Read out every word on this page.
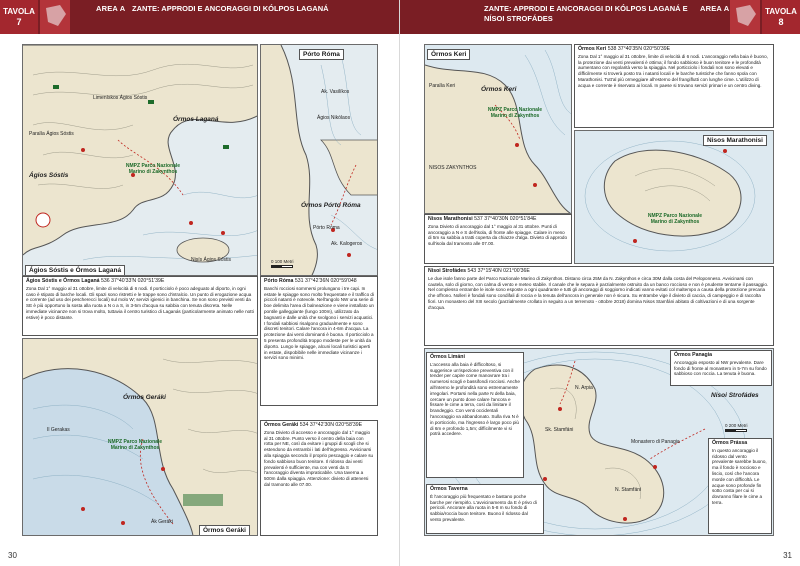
TAVOLA
7
AREA A ZANTE: APPRODI E ANCORAGGI DI KÓLPOS LAGANÁ
Limenískos Ágios Sóstis
Órmos Laganá
Paralía Ágios Sóstis
Ágios Sóstis
NMPZ Parco Nazionale Marino di Zakynthos
Nisís Ágios Sóstis
Ágios Sóstis e Órmos Laganá
Pórto Róma
Ak. Vasilíkos
Ágios Nikólaos
Órmos Pórto Róma
Pórto Róma
Ak. Kalogeros
0 100 Metri
Ágios Sóstis e Órmos Laganá 536 37°40'33'N 020°51'39E

Zona Dal 1° maggio al 31 ottobre, limite di velocità di 6 nodi. Il porticciolo è poco adeguato al diporto, in ogni caso è stipato di barche locali. Gli spazi sono ristretti e le trappe sono d'intralcio. Un punto di erogazione acqua e corrente (ad uso dei pescherecci locali) sul molo W; servizi igienici in banchina. Se non sono previsti venti da SE è più opportuno la sosta alla ruota a N o a S, in 3-5m d'acqua su sabbia con tenuta discreta. Nelle immediate vicinanze non si trova molto, tuttavia il centro turistico di Laganás (particolarmente animato nelle notti estive) è poco distante.

Pórto Róma 531 37°42'36N 020°59'048

Banchi rocciosi sommersi prolungano i tre capi. In estate le spiagge sono molto frequentate e il traffico di piccoli natanti è notevole. Nell'angolo NW una serie di boe delimita l'area di balneazione e viene installato un pontile galleggiante (lungo 100m), utilizzato da bagnanti e dalle unità che svolgono i servizi acquatici. I fondali sabbiosi risalgono gradualmente e sono discreti tenitori. Calare l'ancora in 4-6m d'acqua. La protezione dai venti dominanti è buona. Il porticciolo a 5 presenta profondità troppo modeste per le unità da diporto. Lungo le spiagge, alcuni locali turistici aperti in estate, dispobibile nelle immediate vicinanze i servizi sono minimi.

Órmos Geráki
Ák Geráki
Il Gerakas
NMPZ Parco Nazionale Marino di Zakynthos
Órmos Geráki
Órmos Geráki 534 37°42'30N 020°58'39E

Zona Divieto di accesso e ancoraggio dal 1° maggio al 31 ottobre. Punto verso il centro della baia con rotta per NE, così da evitare i gruppi di scogli che si estendono da entrambi i lati dell'ingresso. Avvicinarsi alla spiaggia secondo il proprio pescaggio e calare su fondo sabbioso buon tenitore. Il ridosso dai venti prevalenti è sufficiente, ma con venti da S l'ancoraggio diventa impraticabile. Una taverna a 500m dalla spiaggia. Attenzione: divieto di attenersi dal tramonto alle 07.00.

30
ZANTE: APPRODI E ANCORAGGI DI KÓLPOS LAGANÁ E NÍSOI STROFÁDES
AREA A	TAVOLA
8
Órmos Keri
Paralía Keri	Órmos Keri
NMPZ Parco Nazionale Marino di Zakynthos
NISOS ZAKYNTHOS
Órmos Keri 538 37°40'35N 020°50'39E

Zona Dal 1° maggio al 31 ottobre, limite di velocità di 6 nodi. L'ancoraggio nella baia è buono, la protezione dai venti prevalenti è ottima; il fondo sabbioso è buon tenitore e le profondità aumentano con regolarità verso la spiaggia. Nel porticciolo i fondali non sono elevati e difficilmente si troverà posto tra i natanti locali e le barche turistiche che fanno spola con Marathonisi. Tutt'al più ormeggiare all'esterno del frangiflutti con lunghe cime. L'utilizzo di acqua e corrente è riservato ai locali. In paese si trovano servizi primari e un centro diving.

Nisos Marathonisi
NMPZ Parco Nazionale Marino di Zakynthos
Nisos Marathonisi 537 37°40'30N 020°51'84E

Zona Divieto di ancoraggio dal 1° maggio al 31 ottobre. Punti di ancoraggio a N e S dell'isola, di fronte alle spiagge. Calare in meno di 5m su sabbia a tratti coperta da chiazze d'alga. Divieto di approdo sull'isola dal tramonto alle 07.00.

Nisoi Strofádes 543 37°15'40N 021°00'36E

Le due isole fanno parte del Parco Nazionale Marino di Zakynthos. Distano circa 25M da N. Zakynthos e circa 30M dalla costa del Peloponneso. Avvicinarsi con cautela, solo di giorno, con calma di vento e meteo stabile. Il canale che le separa è parzialmente ostruito da un banco roccioso e non è prudente tentarne il passaggio. Nel complesso entrambe le isole sono esposte a ogni quadrante e tutti gli ancoraggi di soggiorno indicati vanno evitati col maltempo a causa della protezione precaria che offrono. Nolleri è fondali sono condifali di roccia e la tenuta dell'ancora in generale non è sicura. Su entrambe vige il divieto di caccia, di campeggio e di raccolta fiori. Un monastero del XIII secolo (parzialmente crollato in seguito a un terremoto - ottobre 2018) domina Nisos Stamfáni abitato di coltivazioni e di una sorgente d'acqua.

N. Arpia
Sk. Stamfáni
Monastero di Panagia
N. Stamfáni
Nisoi Strofádes
0 200 Metri
Órmos Limáni

L'accesso alla baia è difficoltoso, si suggerisce un'ispezione preventiva con il tender per capire come manovrare tra i numerosi scogli e bassifondi rocciosi. Anche all'interno le profondità sono estremamente irregolari. Portarsi nella parte N della baia, cercare un punto dove calare l'ancora e fissare le cime a terra, così da limitare il brandeggio. Con venti occidentali l'ancoraggio va abbandonato. Sulla riva N è in porticciolo, ma l'ingresso è largo poco più di 6m e profondo 1,5m; difficilmente vi si potrà accedere.

Órmos Taverna

È l'ancoraggio più frequentato e bastano poche barche per riempirlo. L'avvicinamento da E è privo di pericoli. Ancorare alla ruota in 5-8 m su fondo di sabbia/roccia buon tenitore. Buono il ridosso dal vento prevalente.

Órmos Panagia

Ancoraggio esposto al NW prevalente. Dare fondo di fronte al monastero in 5-7m su fondo sabbioso con roccia. La tenuta è buona.

Órmos Prássa

In questo ancoraggio il ridosso dal vento prevalente sarebbe buono, ma il fondo è roccioso e liscio, così che l'ancora morde con difficoltà. Le acque sono profonde fin sotto costa per cui si dovranno filare le cime a terra.

31
